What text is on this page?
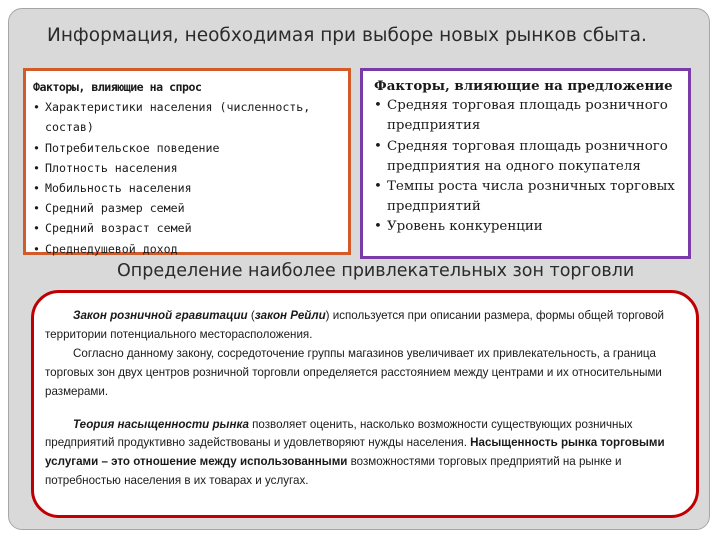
Информация, необходимая при выборе новых рынков сбыта.
Факторы, влияющие на спрос
• Характеристики населения (численность, состав)
• Потребительское поведение
• Плотность населения
• Мобильность населения
• Средний размер семей
• Средний возраст семей
• Среднедушевой доход
Факторы, влияющие на предложение
• Средняя торговая площадь розничного предприятия
• Средняя торговая площадь розничного предприятия на одного покупателя
• Темпы роста числа розничных торговых предприятий
• Уровень конкуренции
Определение наиболее привлекательных зон торговли

Закон розничной гравитации (закон Рейли) используется при описании размера, формы общей торговой территории потенциального месторасположения.

Согласно данному закону, сосредоточение группы магазинов увеличивает их привлекательность, а граница торговых зон двух центров розничной торговли определяется расстоянием между центрами и их относительными размерами.

Теория насыщенности рынка позволяет оценить, насколько возможности существующих розничных предприятий продуктивно задействованы и удовлетворяют нужды населения. Насыщенность рынка торговыми услугами – это отношение между использованными возможностями торговых предприятий на рынке и потребностью населения в их товарах и услугах.
